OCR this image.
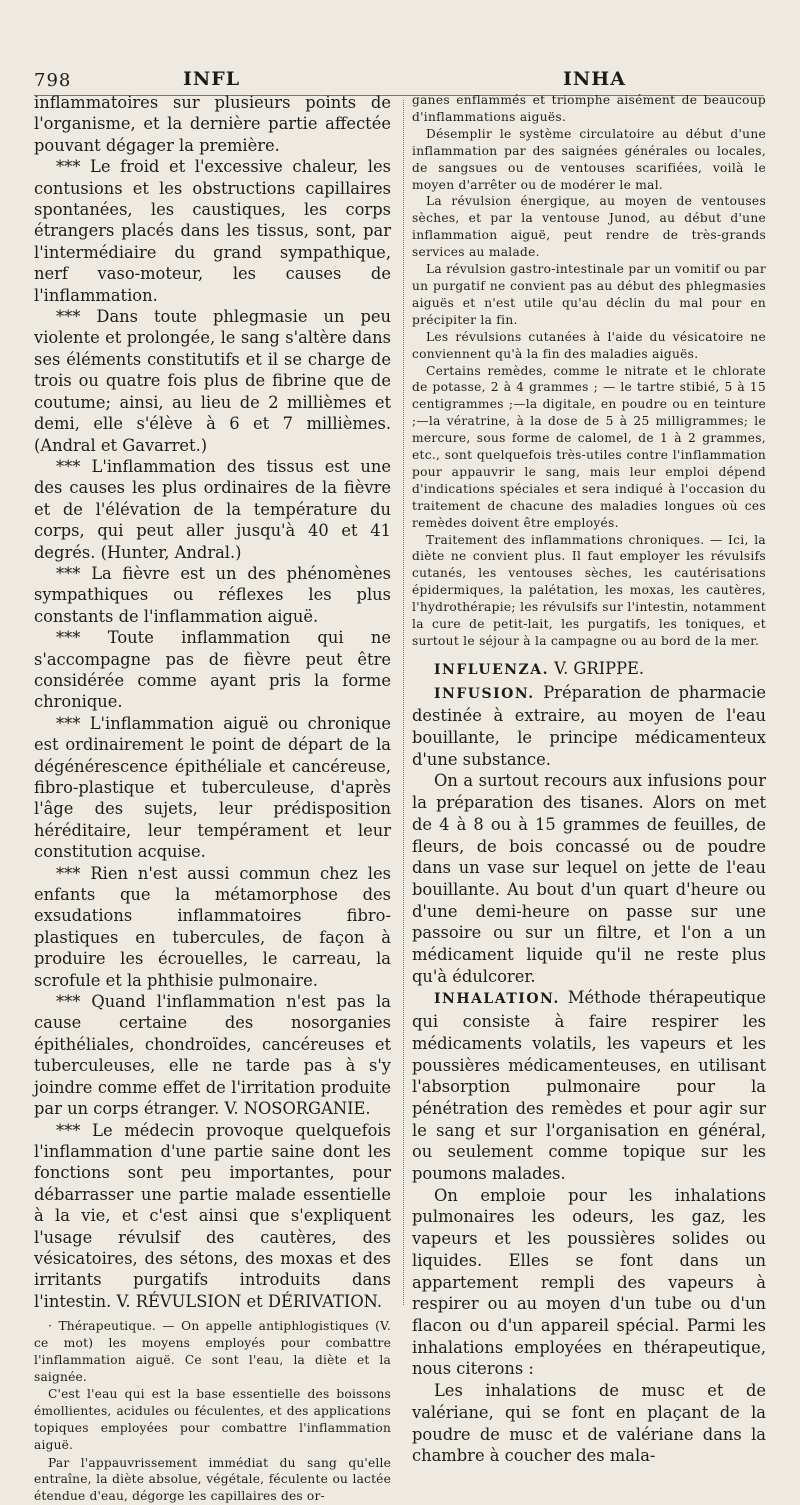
798	INFL	INHA

inflammatoires sur plusieurs points de l'organisme, et la dernière partie affectée pouvant dégager la première.

*** Le froid et l'excessive chaleur, les contusions et les obstructions capillaires spontanées, les caustiques, les corps étrangers placés dans les tissus, sont, par l'intermédiaire du grand sympathique, nerf vaso-moteur, les causes de l'inflammation.

*** Dans toute phlegmasie un peu violente et prolongée, le sang s'altère dans ses éléments constitutifs et il se charge de trois ou quatre fois plus de fibrine que de coutume; ainsi, au lieu de 2 millièmes et demi, elle s'élève à 6 et 7 millièmes. (Andral et Gavarret.)

*** L'inflammation des tissus est une des causes les plus ordinaires de la fièvre et de l'élévation de la température du corps, qui peut aller jusqu'à 40 et 41 degrés. (Hunter, Andral.)

*** La fièvre est un des phénomènes sympathiques ou réflexes les plus constants de l'inflammation aiguë.

*** Toute inflammation qui ne s'accompagne pas de fièvre peut être considérée comme ayant pris la forme chronique.

*** L'inflammation aiguë ou chronique est ordinairement le point de départ de la dégénérescence épithéliale et cancéreuse, fibro-plastique et tuberculeuse, d'après l'âge des sujets, leur prédisposition héréditaire, leur tempérament et leur constitution acquise.

*** Rien n'est aussi commun chez les enfants que la métamorphose des exsudations inflammatoires fibro-plastiques en tubercules, de façon à produire les écrouelles, le carreau, la scrofule et la phthisie pulmonaire.

*** Quand l'inflammation n'est pas la cause certaine des nosorganies épithéliales, chondroïdes, cancéreuses et tuberculeuses, elle ne tarde pas à s'y joindre comme effet de l'irritation produite par un corps étranger. V. NOSORGANIE.

*** Le médecin provoque quelquefois l'inflammation d'une partie saine dont les fonctions sont peu importantes, pour débarrasser une partie malade essentielle à la vie, et c'est ainsi que s'expliquent l'usage révulsif des cautères, des vésicatoires, des sétons, des moxas et des irritants purgatifs introduits dans l'intestin. V. RÉVULSION et DÉRIVATION.

· Thérapeutique. — On appelle antiphlogistiques (V. ce mot) les moyens employés pour combattre l'inflammation aiguë. Ce sont l'eau, la diète et la saignée.

C'est l'eau qui est la base essentielle des boissons émollientes, acidules ou féculentes, et des applications topiques employées pour combattre l'inflammation aiguë.

Par l'appauvrissement immédiat du sang qu'elle entraîne, la diète absolue, végétale, féculente ou lactée étendue d'eau, dégorge les capillaires des or-

ganes enflammés et triomphe aisément de beaucoup d'inflammations aiguës.

Désemplir le système circulatoire au début d'une inflammation par des saignées générales ou locales, de sangsues ou de ventouses scarifiées, voilà le moyen d'arrêter ou de modérer le mal.

La révulsion énergique, au moyen de ventouses sèches, et par la ventouse Junod, au début d'une inflammation aiguë, peut rendre de très-grands services au malade.

La révulsion gastro-intestinale par un vomitif ou par un purgatif ne convient pas au début des phlegmasies aiguës et n'est utile qu'au déclin du mal pour en précipiter la fin.

Les révulsions cutanées à l'aide du vésicatoire ne conviennent qu'à la fin des maladies aiguës.

Certains remèdes, comme le nitrate et le chlorate de potasse, 2 à 4 grammes ; — le tartre stibié, 5 à 15 centigrammes ;—la digitale, en poudre ou en teinture ;—la vératrine, à la dose de 5 à 25 milligrammes; le mercure, sous forme de calomel, de 1 à 2 grammes, etc., sont quelquefois très-utiles contre l'inflammation pour appauvrir le sang, mais leur emploi dépend d'indications spéciales et sera indiqué à l'occasion du traitement de chacune des maladies longues où ces remèdes doivent être employés.

Traitement des inflammations chroniques. — Ici, la diète ne convient plus. Il faut employer les révulsifs cutanés, les ventouses sèches, les cautérisations épidermiques, la palétation, les moxas, les cautères, l'hydrothérapie; les révulsifs sur l'intestin, notamment la cure de petit-lait, les purgatifs, les toniques, et surtout le séjour à la campagne ou au bord de la mer.

INFLUENZA. V. GRIPPE.

INFUSION. Préparation de pharmacie destinée à extraire, au moyen de l'eau bouillante, le principe médicamenteux d'une substance.

On a surtout recours aux infusions pour la préparation des tisanes. Alors on met de 4 à 8 ou à 15 grammes de feuilles, de fleurs, de bois concassé ou de poudre dans un vase sur lequel on jette de l'eau bouillante. Au bout d'un quart d'heure ou d'une demi-heure on passe sur une passoire ou sur un filtre, et l'on a un médicament liquide qu'il ne reste plus qu'à édulcorer.

INHALATION. Méthode thérapeutique qui consiste à faire respirer les médicaments volatils, les vapeurs et les poussières médicamenteuses, en utilisant l'absorption pulmonaire pour la pénétration des remèdes et pour agir sur le sang et sur l'organisation en général, ou seulement comme topique sur les poumons malades.

On emploie pour les inhalations pulmonaires les odeurs, les gaz, les vapeurs et les poussières solides ou liquides. Elles se font dans un appartement rempli des vapeurs à respirer ou au moyen d'un tube ou d'un flacon ou d'un appareil spécial. Parmi les inhalations employées en thérapeutique, nous citerons :

Les inhalations de musc et de valériane, qui se font en plaçant de la poudre de musc et de valériane dans la chambre à coucher des mala-
